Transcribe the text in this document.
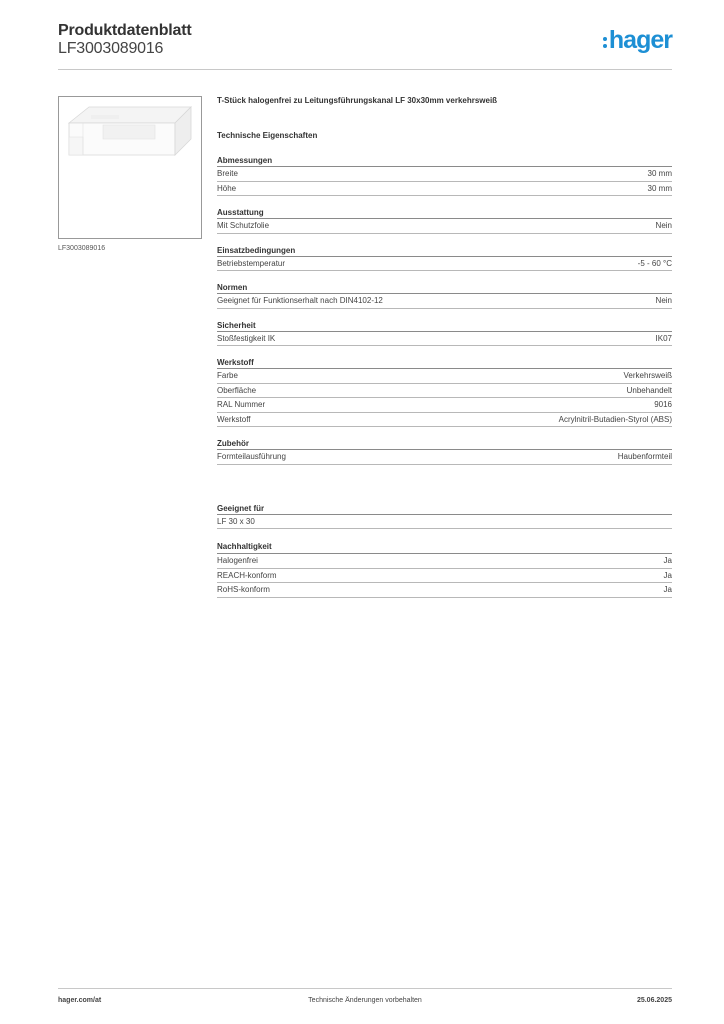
Produktdatenblatt
LF3003089016	hager
LF3003089016
T-Stück halogenfrei zu Leitungsführungskanal LF 30x30mm verkehrsweiß
Technische Eigenschaften
Abmessungen
Breite	30 mm
Höhe	30 mm
Ausstattung
Mit Schutzfolie	Nein
Einsatzbedingungen
Betriebstemperatur	-5 - 60 °C
Normen
Geeignet für Funktionserhalt nach DIN4102-12	Nein
Sicherheit
Stoßfestigkeit IK	IK07
Werkstoff
Farbe	Verkehrsweiß
Oberfläche	Unbehandelt
RAL Nummer	9016
Werkstoff	Acrylnitril-Butadien-Styrol (ABS)
Zubehör
Formteilausführung	Haubenformteil
Geeignet für
LF 30 x 30
Nachhaltigkeit
Halogenfrei	Ja
REACH-konform	Ja
RoHS-konform	Ja
hager.com/at	Technische Änderungen vorbehalten	25.06.2025
